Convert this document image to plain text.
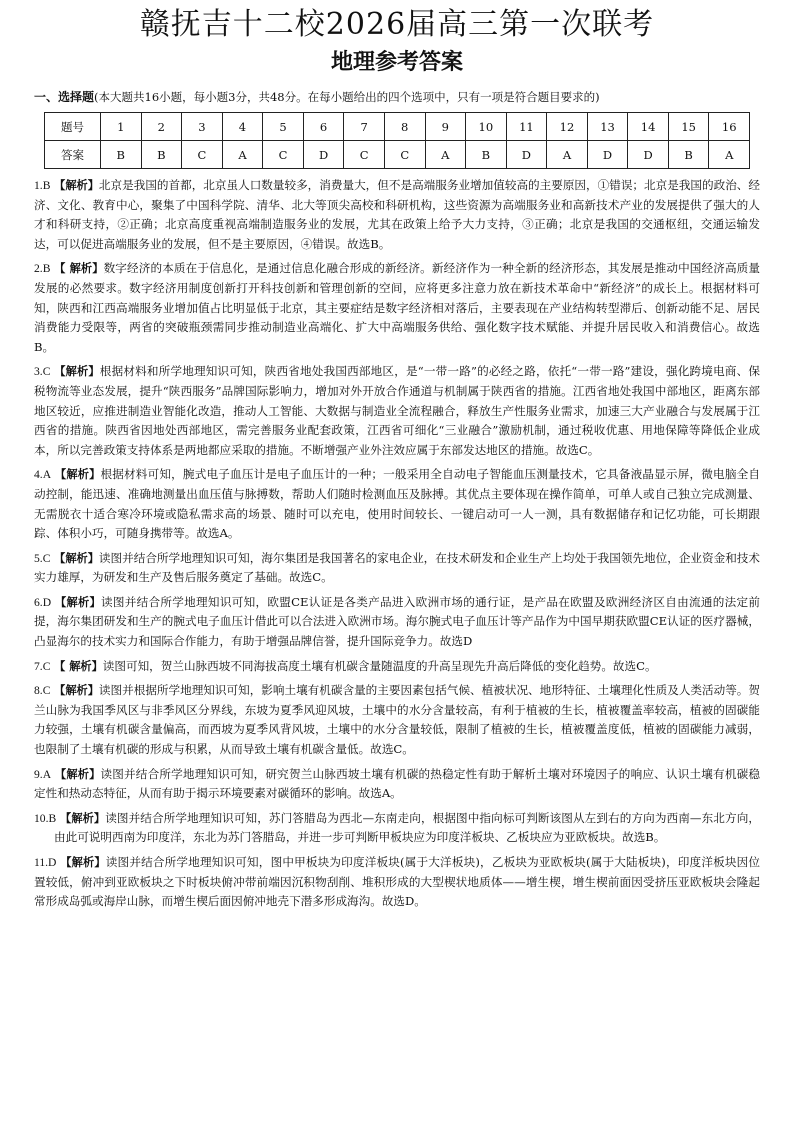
赣抚吉十二校2026届高三第一次联考
地理参考答案
一、选择题(本大题共16小题，每小题3分，共48分。在每小题给出的四个选项中，只有一项是符合题目要求的)
题号	1	2	3	4	5	6	7	8	9	10	11	12	13	14	15	16
答案	B	B	C	A	C	D	C	C	A	B	D	A	D	D	B	A

1.B 【解析】北京是我国的首都，北京虽人口数量较多，消费量大，但不是高端服务业增加值较高的主要原因，①错误；北京是我国的政治、经济、文化、教育中心，聚集了中国科学院、清华、北大等顶尖高校和科研机构，这些资源为高端服务业和高新技术产业的发展提供了强大的人才和科研支持，②正确；北京高度重视高端制造服务业的发展，尤其在政策上给予大力支持，③正确；北京是我国的交通枢纽，交通运输发达，可以促进高端服务业的发展，但不是主要原因，④错误。故选B。

2.B 【 解析】数字经济的本质在于信息化，是通过信息化融合形成的新经济。新经济作为一种全新的经济形态，其发展是推动中国经济高质量发展的必然要求。数字经济用制度创新打开科技创新和管理创新的空间，应将更多注意力放在新技术革命中“新经济”的成长上。根据材料可知，陕西和江西高端服务业增加值占比明显低于北京，其主要症结是数字经济相对落后，主要表现在产业结构转型滞后、创新动能不足、居民消费能力受限等，两省的突破瓶颈需同步推动制造业高端化、扩大中高端服务供给、强化数字技术赋能、并提升居民收入和消费信心。故选B。

3.C 【解析】根据材料和所学地理知识可知，陕西省地处我国西部地区，是“一带一路”的必经之路，依托“一带一路”建设，强化跨境电商、保税物流等业态发展，提升“陕西服务”品牌国际影响力，增加对外开放合作通道与机制属于陕西省的措施。江西省地处我国中部地区，距离东部地区较近，应推进制造业智能化改造，推动人工智能、大数据与制造业全流程融合，释放生产性服务业需求，加速三大产业融合与发展属于江西省的措施。陕西省因地处西部地区，需完善服务业配套政策，江西省可细化“三业融合”激励机制，通过税收优惠、用地保障等降低企业成本，所以完善政策支持体系是两地都应采取的措施。不断增强产业外注效应属于东部发达地区的措施。故选C。

4.A 【解析】根据材料可知，腕式电子血压计是电子血压计的一种；一般采用全自动电子智能血压测量技术，它具备液晶显示屏，微电脑全自动控制，能迅速、准确地测量出血压值与脉搏数，帮助人们随时检测血压及脉搏。其优点主要体现在操作简单，可单人或自己独立完成测量、无需脱衣十适合寒冷环境或隐私需求高的场景、随时可以充电，使用时间较长、一键启动可一人一测，具有数据储存和记忆功能，可长期跟踪、体积小巧，可随身携带等。故选A。

5.C 【解析】读图并结合所学地理知识可知，海尔集团是我国著名的家电企业，在技术研发和企业生产上均处于我国领先地位，企业资金和技术实力雄厚，为研发和生产及售后服务奠定了基础。故选C。

6.D 【解析】读图并结合所学地理知识可知，欧盟CE认证是各类产品进入欧洲市场的通行证，是产品在欧盟及欧洲经济区自由流通的法定前提，海尔集团研发和生产的腕式电子血压计借此可以合法进入欧洲市场。海尔腕式电子血压计等产品作为中国早期获欧盟CE认证的医疗器械，凸显海尔的技术实力和国际合作能力，有助于增强品牌信誉，提升国际竞争力。故选D

7.C 【 解析】读图可知，贺兰山脉西坡不同海拔高度土壤有机碳含量随温度的升高呈现先升高后降低的变化趋势。故选C。

8.C 【解析】读图并根据所学地理知识可知，影响土壤有机碳含量的主要因素包括气候、植被状况、地形特征、土壤理化性质及人类活动等。贺兰山脉为我国季风区与非季风区分界线，东坡为夏季风迎风坡，土壤中的水分含量较高，有利于植被的生长，植被覆盖率较高，植被的固碳能力较强，土壤有机碳含量偏高，而西坡为夏季风背风坡，土壤中的水分含量较低，限制了植被的生长，植被覆盖度低，植被的固碳能力减弱，也限制了土壤有机碳的形成与积累，从而导致土壤有机碳含量低。故选C。

9.A 【解析】读图并结合所学地理知识可知，研究贺兰山脉西坡土壤有机碳的热稳定性有助于解析土壤对环境因子的响应、认识土壤有机碳稳定性和热动态特征，从而有助于揭示环境要素对碳循环的影响。故选A。

10.B 【解析】读图并结合所学地理知识可知，苏门答腊岛为西北—东南走向，根据图中指向标可判断该图从左到右的方向为西南—东北方向，由此可说明西南为印度洋，东北为苏门答腊岛，并进一步可判断甲板块应为印度洋板块、乙板块应为亚欧板块。故选B。

11.D 【解析】读图并结合所学地理知识可知，图中甲板块为印度洋板块(属于大洋板块)，乙板块为亚欧板块(属于大陆板块)，印度洋板块因位置较低，俯冲到亚欧板块之下时板块俯冲带前端因沉积物刮削、堆积形成的大型楔状地质体——增生楔，增生楔前面因受挤压亚欧板块会隆起常形成岛弧或海岸山脉，而增生楔后面因俯冲地壳下潜多形成海沟。故选D。
